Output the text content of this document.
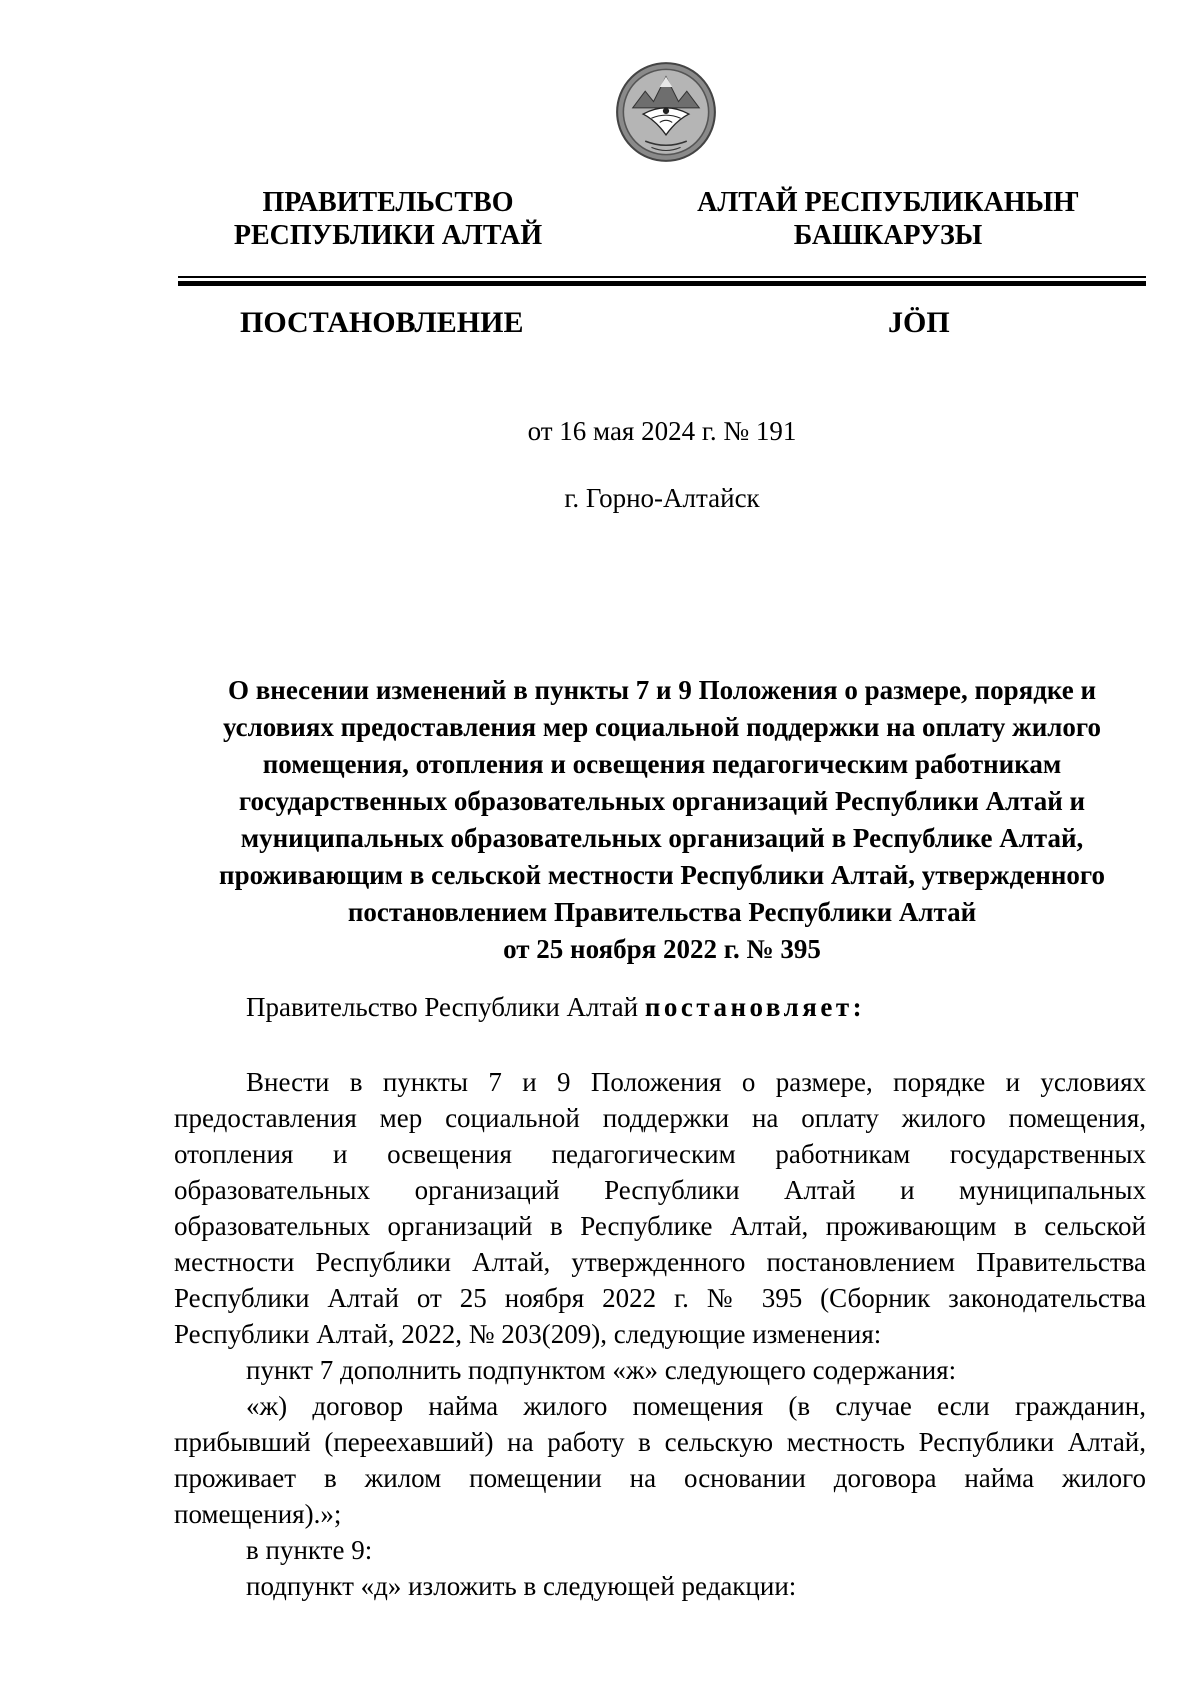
ПРАВИТЕЛЬСТВО
РЕСПУБЛИКИ АЛТАЙ
АЛТАЙ РЕСПУБЛИКАНЫҤ
БАШКАРУЗЫ
ПОСТАНОВЛЕНИЕ	JÖП
от 16 мая 2024 г. № 191
г. Горно-Алтайск
О внесении изменений в пункты 7 и 9 Положения о размере, порядке и
условиях предоставления мер социальной поддержки на оплату жилого
помещения, отопления и освещения педагогическим работникам
государственных образовательных организаций Республики Алтай и
муниципальных образовательных организаций в Республике Алтай,
проживающим в сельской местности Республики Алтай, утвержденного
постановлением Правительства Республики Алтай
от 25 ноября 2022 г. № 395
Правительство Республики Алтай постановляет:

Внести в пункты 7 и 9 Положения о размере, порядке и условиях

предоставления мер социальной поддержки на оплату жилого помещения,

отопления и освещения педагогическим работникам государственных

образовательных организаций Республики Алтай и муниципальных

образовательных организаций в Республике Алтай, проживающим в сельской

местности Республики Алтай, утвержденного постановлением Правительства

Республики Алтай от 25 ноября 2022 г. № 395 (Сборник законодательства

Республики Алтай, 2022, № 203(209), следующие изменения:

пункт 7 дополнить подпунктом «ж» следующего содержания:

«ж) договор найма жилого помещения (в случае если гражданин,

прибывший (переехавший) на работу в сельскую местность Республики Алтай,

проживает в жилом помещении на основании договора найма жилого

помещения).»;

в пункте 9:

подпункт «д» изложить в следующей редакции:
